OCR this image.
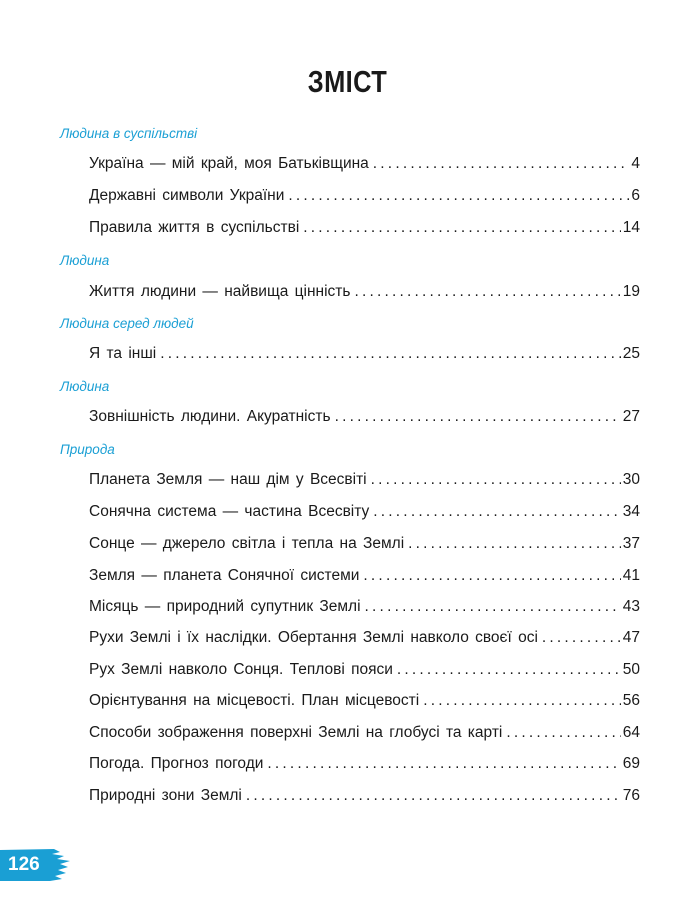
ЗМІСТ
Людина в суспільстві
Україна — мій край, моя Батьківщина .....	4
Державні символи України .....	6
Правила життя в суспільстві .....	14
Людина
Життя людини — найвища цінність .....	19
Людина серед людей
Я та інші .....	25
Людина
Зовнішність людини. Акуратність .....	27
Природа
Планета Земля — наш дім у Всесвіті .....	30
Сонячна система — частина Всесвіту .....	34
Сонце — джерело світла і тепла на Землі .....	37
Земля — планета Сонячної системи .....	41
Місяць — природний супутник Землі .....	43
Рухи Землі і їх наслідки. Обертання Землі навколо своєї осі .....	47
Рух Землі навколо Сонця. Теплові пояси .....	50
Орієнтування на місцевості. План місцевості .....	56
Способи зображення поверхні Землі на глобусі та карті .....	64
Погода. Прогноз погоди .....	69
Природні зони Землі .....	76
126
